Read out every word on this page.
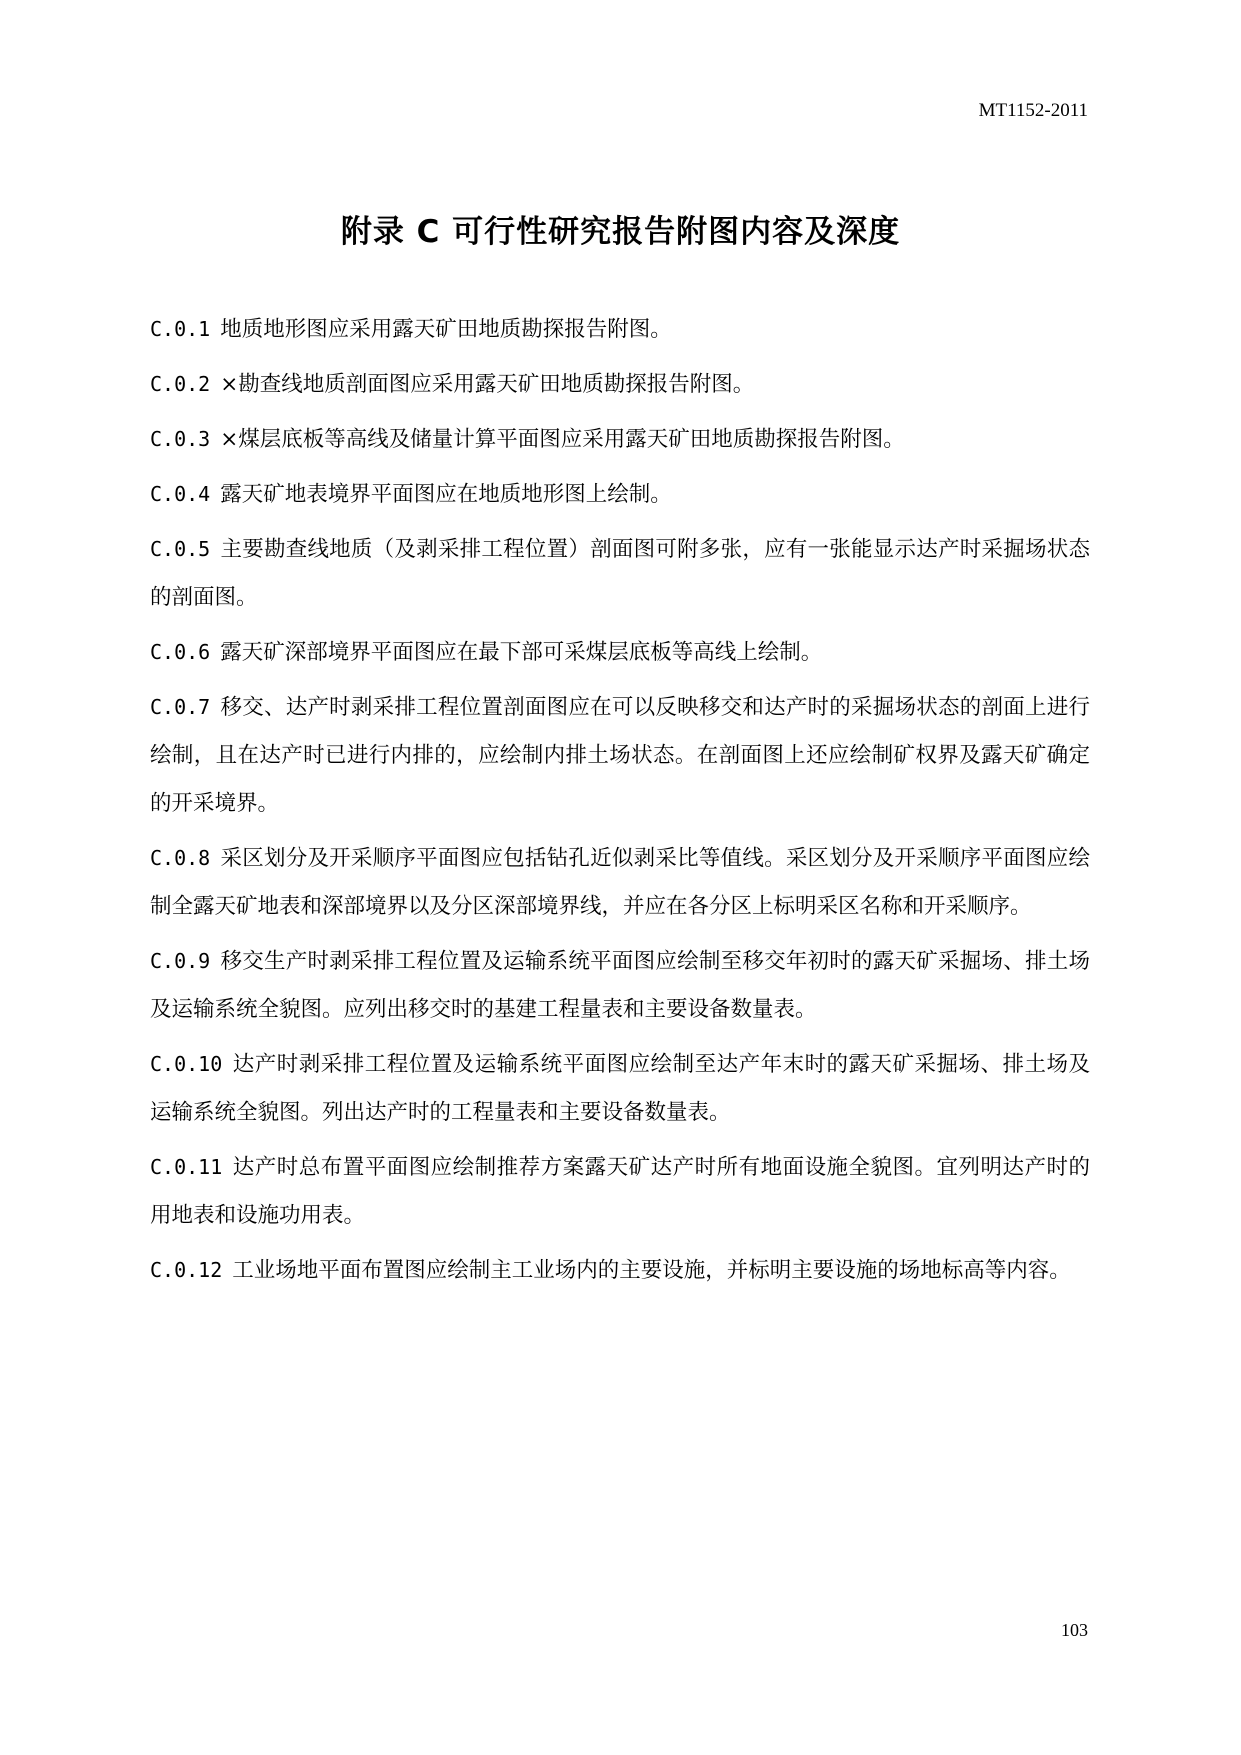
MT1152-2011
附录 C 可行性研究报告附图内容及深度

C.0.1 地质地形图应采用露天矿田地质勘探报告附图。

C.0.2 ×勘查线地质剖面图应采用露天矿田地质勘探报告附图。

C.0.3 ×煤层底板等高线及储量计算平面图应采用露天矿田地质勘探报告附图。

C.0.4 露天矿地表境界平面图应在地质地形图上绘制。

C.0.5 主要勘查线地质（及剥采排工程位置）剖面图可附多张，应有一张能显示达产时采掘场状态的剖面图。

C.0.6 露天矿深部境界平面图应在最下部可采煤层底板等高线上绘制。

C.0.7 移交、达产时剥采排工程位置剖面图应在可以反映移交和达产时的采掘场状态的剖面上进行绘制，且在达产时已进行内排的，应绘制内排土场状态。在剖面图上还应绘制矿权界及露天矿确定的开采境界。

C.0.8 采区划分及开采顺序平面图应包括钻孔近似剥采比等值线。采区划分及开采顺序平面图应绘制全露天矿地表和深部境界以及分区深部境界线，并应在各分区上标明采区名称和开采顺序。

C.0.9 移交生产时剥采排工程位置及运输系统平面图应绘制至移交年初时的露天矿采掘场、排土场及运输系统全貌图。应列出移交时的基建工程量表和主要设备数量表。

C.0.10 达产时剥采排工程位置及运输系统平面图应绘制至达产年末时的露天矿采掘场、排土场及运输系统全貌图。列出达产时的工程量表和主要设备数量表。

C.0.11 达产时总布置平面图应绘制推荐方案露天矿达产时所有地面设施全貌图。宜列明达产时的用地表和设施功用表。

C.0.12 工业场地平面布置图应绘制主工业场内的主要设施，并标明主要设施的场地标高等内容。

103
